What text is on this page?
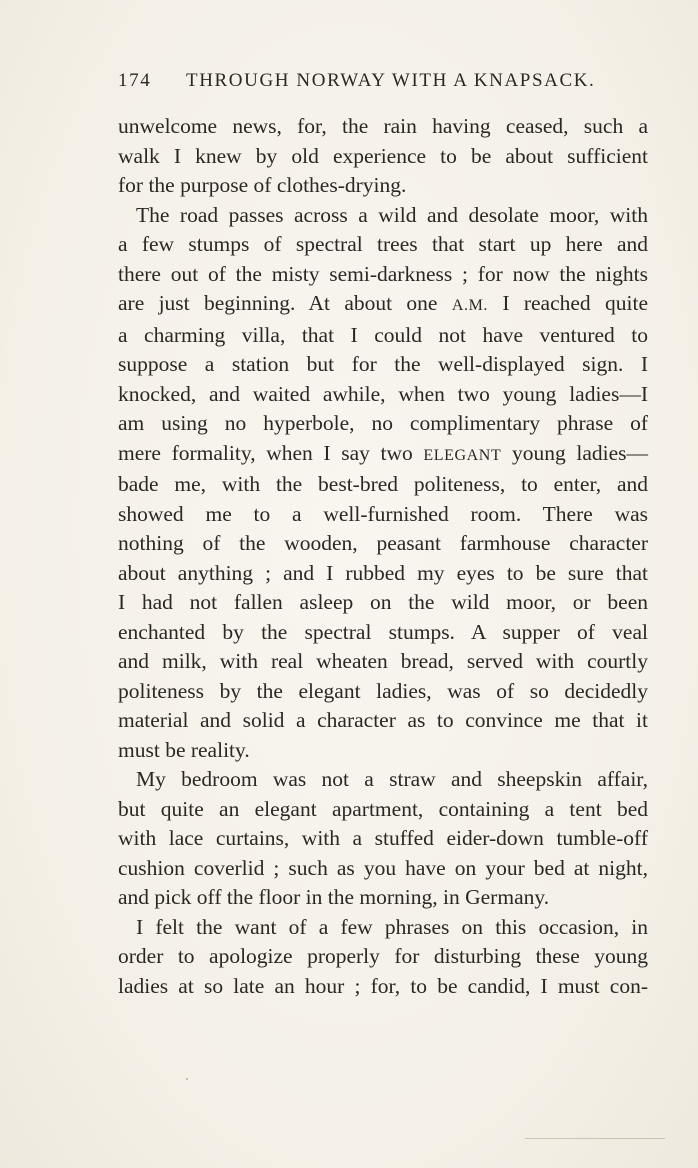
174 THROUGH NORWAY WITH A KNAPSACK.

unwelcome news, for, the rain having ceased, such a
walk I knew by old experience to be about sufficient
for the purpose of clothes-drying.

The road passes across a wild and desolate moor, with
a few stumps of spectral trees that start up here and
there out of the misty semi-darkness ; for now the nights
are just beginning. At about one A.M. I reached quite
a charming villa, that I could not have ventured to
suppose a station but for the well-displayed sign. I
knocked, and waited awhile, when two young ladies—I
am using no hyperbole, no complimentary phrase of
mere formality, when I say two ELEGANT young ladies—
bade me, with the best-bred politeness, to enter, and
showed me to a well-furnished room. There was
nothing of the wooden, peasant farmhouse character
about anything ; and I rubbed my eyes to be sure that
I had not fallen asleep on the wild moor, or been
enchanted by the spectral stumps. A supper of veal
and milk, with real wheaten bread, served with courtly
politeness by the elegant ladies, was of so decidedly
material and solid a character as to convince me that it
must be reality.

My bedroom was not a straw and sheepskin affair,
but quite an elegant apartment, containing a tent bed
with lace curtains, with a stuffed eider-down tumble-off
cushion coverlid ; such as you have on your bed at night,
and pick off the floor in the morning, in Germany.

I felt the want of a few phrases on this occasion, in
order to apologize properly for disturbing these young
ladies at so late an hour ; for, to be candid, I must con-
